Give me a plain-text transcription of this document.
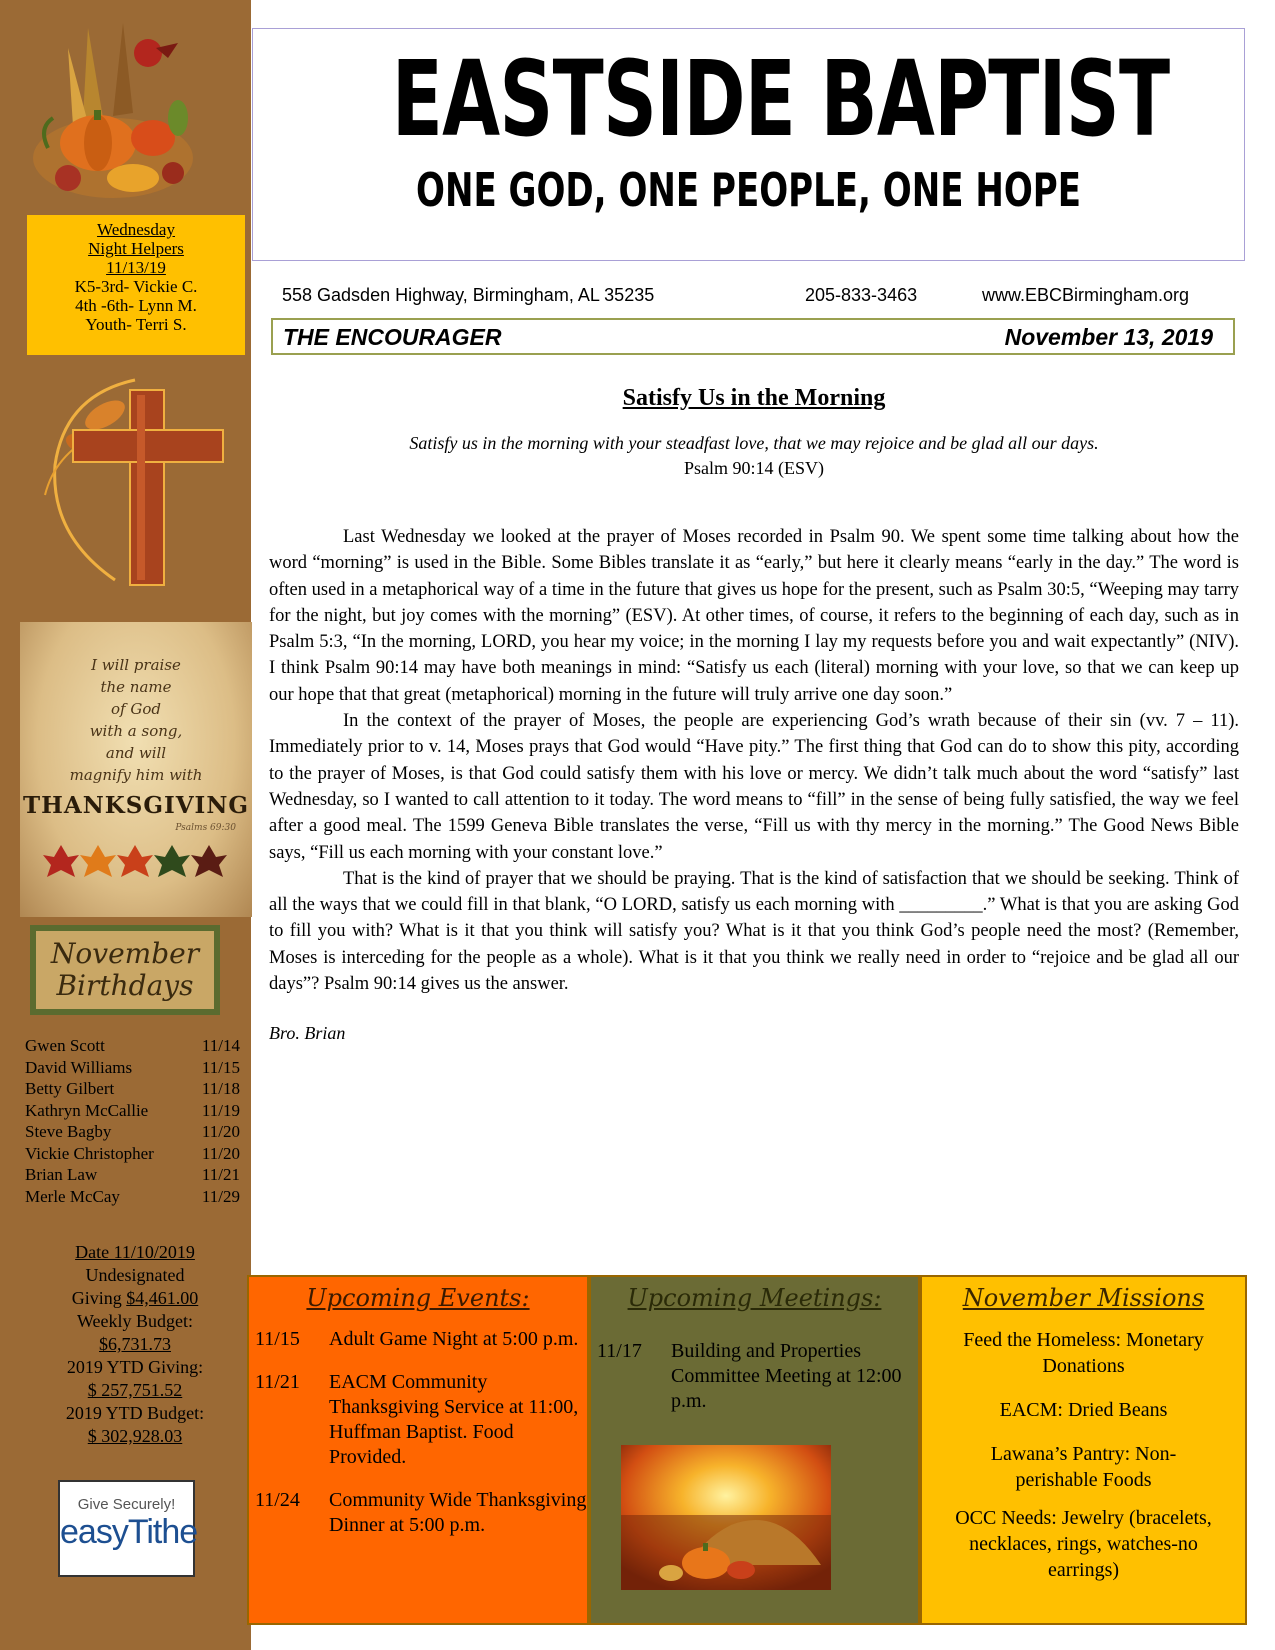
Wednesday
Night Helpers
11/13/19
K5-3rd- Vickie C.
4th -6th- Lynn M.
Youth- Terri S.
I will praise
the name
of God
with a song,
and will
magnify him with
THANKSGIVING
Psalms 69:30
November
Birthdays
Gwen Scott	11/14
David Williams	11/15
Betty Gilbert	11/18
Kathryn McCallie	11/19
Steve Bagby	11/20
Vickie Christopher	11/20
Brian Law	11/21
Merle McCay	11/29
Date 11/10/2019
Undesignated
Giving $4,461.00
Weekly Budget:
$6,731.73
2019 YTD Giving:
$ 257,751.52
2019 YTD Budget:
$ 302,928.03
Give Securely!
easyTithe
EASTSIDE BAPTIST
ONE GOD, ONE PEOPLE, ONE HOPE
558 Gadsden Highway, Birmingham, AL 35235	205-833-3463	www.EBCBirmingham.org
THE ENCOURAGER	November 13, 2019
Satisfy Us in the Morning
Satisfy us in the morning with your steadfast love, that we may rejoice and be glad all our days.
Psalm 90:14 (ESV)

Last Wednesday we looked at the prayer of Moses recorded in Psalm 90. We spent some time talking about how the word “morning” is used in the Bible. Some Bibles translate it as “early,” but here it clearly means “early in the day.” The word is often used in a metaphorical way of a time in the future that gives us hope for the present, such as Psalm 30:5, “Weeping may tarry for the night, but joy comes with the morning” (ESV). At other times, of course, it refers to the beginning of each day, such as in Psalm 5:3, “In the morning, LORD, you hear my voice; in the morning I lay my requests before you and wait expectantly” (NIV). I think Psalm 90:14 may have both meanings in mind: “Satisfy us each (literal) morning with your love, so that we can keep up our hope that that great (metaphorical) morning in the future will truly arrive one day soon.”

In the context of the prayer of Moses, the people are experiencing God’s wrath because of their sin (vv. 7 – 11). Immediately prior to v. 14, Moses prays that God would “Have pity.” The first thing that God can do to show this pity, according to the prayer of Moses, is that God could satisfy them with his love or mercy. We didn’t talk much about the word “satisfy” last Wednesday, so I wanted to call attention to it today. The word means to “fill” in the sense of being fully satisfied, the way we feel after a good meal. The 1599 Geneva Bible translates the verse, “Fill us with thy mercy in the morning.” The Good News Bible says, “Fill us each morning with your constant love.”

That is the kind of prayer that we should be praying. That is the kind of satisfaction that we should be seeking. Think of all the ways that we could fill in that blank, “O LORD, satisfy us each morning with _________.” What is that you are asking God to fill you with? What is it that you think will satisfy you? What is it that you think God’s people need the most? (Remember, Moses is interceding for the people as a whole). What is it that you think we really need in order to “rejoice and be glad all our days”? Psalm 90:14 gives us the answer.

Bro. Brian
Upcoming Events:
11/15	Adult Game Night at 5:00 p.m.
11/21	EACM Community Thanksgiving Service at 11:00, Huffman Baptist. Food Provided.
11/24	Community Wide Thanksgiving Dinner at 5:00 p.m.
Upcoming Meetings:
11/17	Building and Properties Committee Meeting at 12:00 p.m.
November Missions
Feed the Homeless: Monetary Donations
EACM: Dried Beans
Lawana’s Pantry: Non-perishable Foods
OCC Needs: Jewelry (bracelets, necklaces, rings, watches-no earrings)
